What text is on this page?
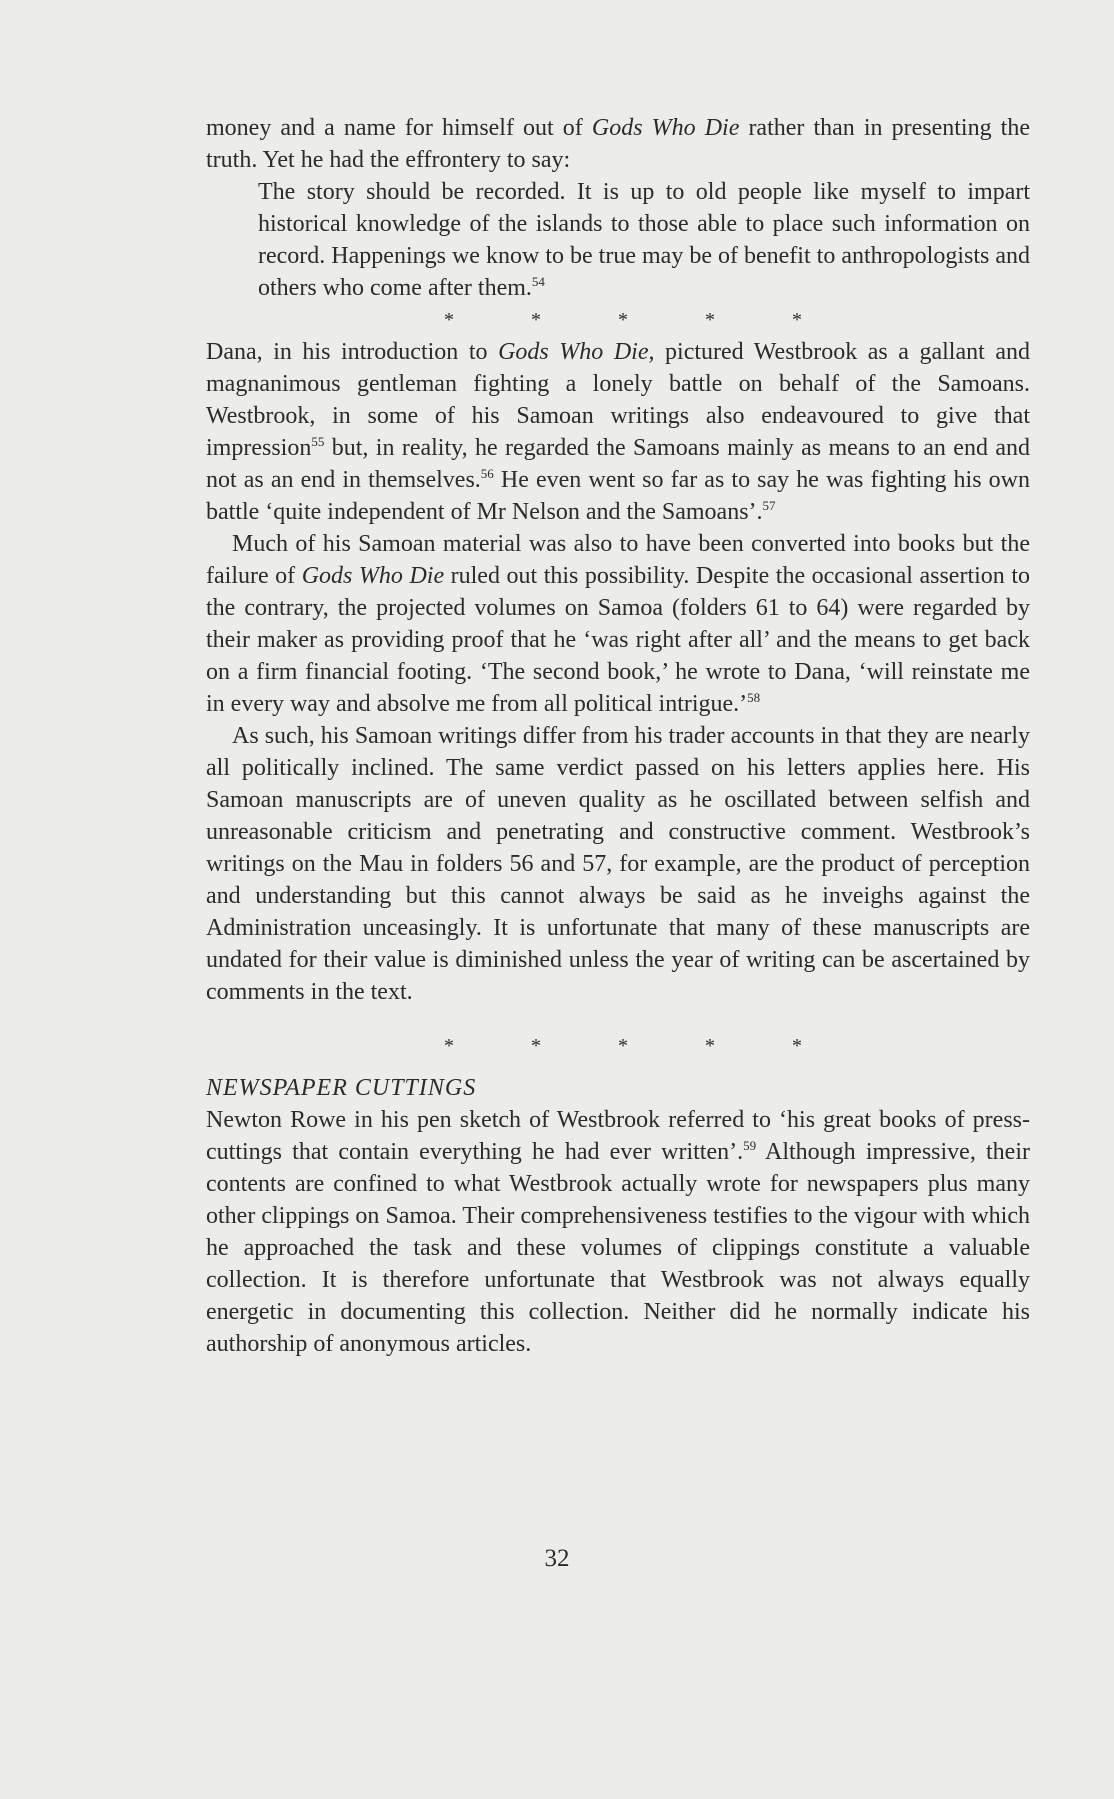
money and a name for himself out of Gods Who Die rather than in presenting the truth. Yet he had the effrontery to say:

The story should be recorded. It is up to old people like myself to impart historical knowledge of the islands to those able to place such information on record. Happenings we know to be true may be of benefit to anthropologists and others who come after them.$^{54}$

*	*	*	*	*

Dana, in his introduction to Gods Who Die, pictured Westbrook as a gallant and magnanimous gentleman fighting a lonely battle on behalf of the Samoans. Westbrook, in some of his Samoan writings also endeavoured to give that impression$^{55}$ but, in reality, he regarded the Samoans mainly as means to an end and not as an end in themselves.$^{56}$ He even went so far as to say he was fighting his own battle ‘quite independent of Mr Nelson and the Samoans’.$^{57}$

Much of his Samoan material was also to have been converted into books but the failure of Gods Who Die ruled out this possibility. Despite the occasional assertion to the contrary, the projected volumes on Samoa (folders 61 to 64) were regarded by their maker as providing proof that he ‘was right after all’ and the means to get back on a firm financial footing. ‘The second book,’ he wrote to Dana, ‘will reinstate me in every way and absolve me from all political intrigue.’$^{58}$

As such, his Samoan writings differ from his trader accounts in that they are nearly all politically inclined. The same verdict passed on his letters applies here. His Samoan manuscripts are of uneven quality as he oscillated between selfish and unreasonable criticism and penetrating and constructive comment. Westbrook’s writings on the Mau in folders 56 and 57, for example, are the product of perception and understanding but this cannot always be said as he inveighs against the Administration unceasingly. It is unfortunate that many of these manuscripts are undated for their value is diminished unless the year of writing can be ascertained by comments in the text.

*	*	*	*	*
NEWSPAPER CUTTINGS

Newton Rowe in his pen sketch of Westbrook referred to ‘his great books of press-cuttings that contain everything he had ever written’.$^{59}$ Although impressive, their contents are confined to what Westbrook actually wrote for newspapers plus many other clippings on Samoa. Their comprehensiveness testifies to the vigour with which he approached the task and these volumes of clippings constitute a valuable collection. It is therefore unfortunate that Westbrook was not always equally energetic in documenting this collection. Neither did he normally indicate his authorship of anonymous articles.

32
